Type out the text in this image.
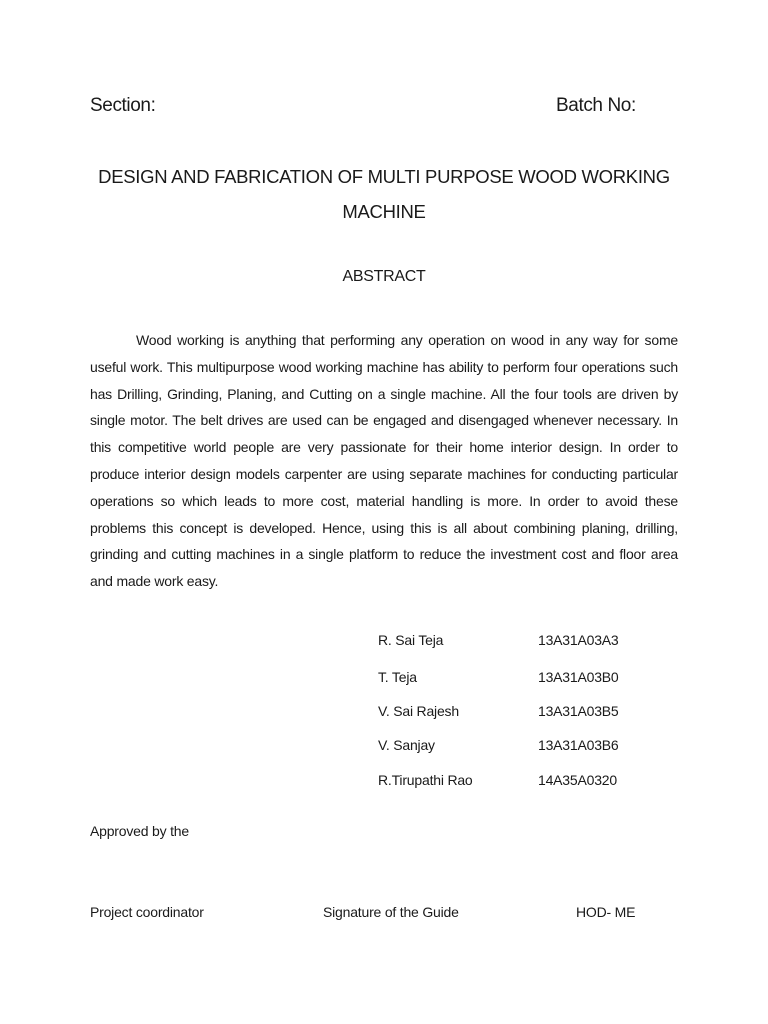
Section:	Batch No:
DESIGN AND FABRICATION OF MULTI PURPOSE WOOD WORKING
MACHINE
ABSTRACT
Wood working is anything that performing any operation on wood in any way for some useful work. This multipurpose wood working machine has ability to perform four operations such has Drilling, Grinding, Planing, and Cutting on a single machine. All the four tools are driven by single motor. The belt drives are used can be engaged and disengaged whenever necessary. In this competitive world people are very passionate for their home interior design. In order to produce interior design models carpenter are using separate machines for conducting particular operations so which leads to more cost, material handling is more. In order to avoid these problems this concept is developed. Hence, using this is all about combining planing, drilling, grinding and cutting machines in a single platform to reduce the investment cost and floor area and made work easy.
R. Sai Teja	13A31A03A3
T. Teja	13A31A03B0
V. Sai Rajesh	13A31A03B5
V. Sanjay	13A31A03B6
R.Tirupathi Rao	14A35A0320
Approved by the
Project coordinator	Signature of the Guide	HOD- ME
